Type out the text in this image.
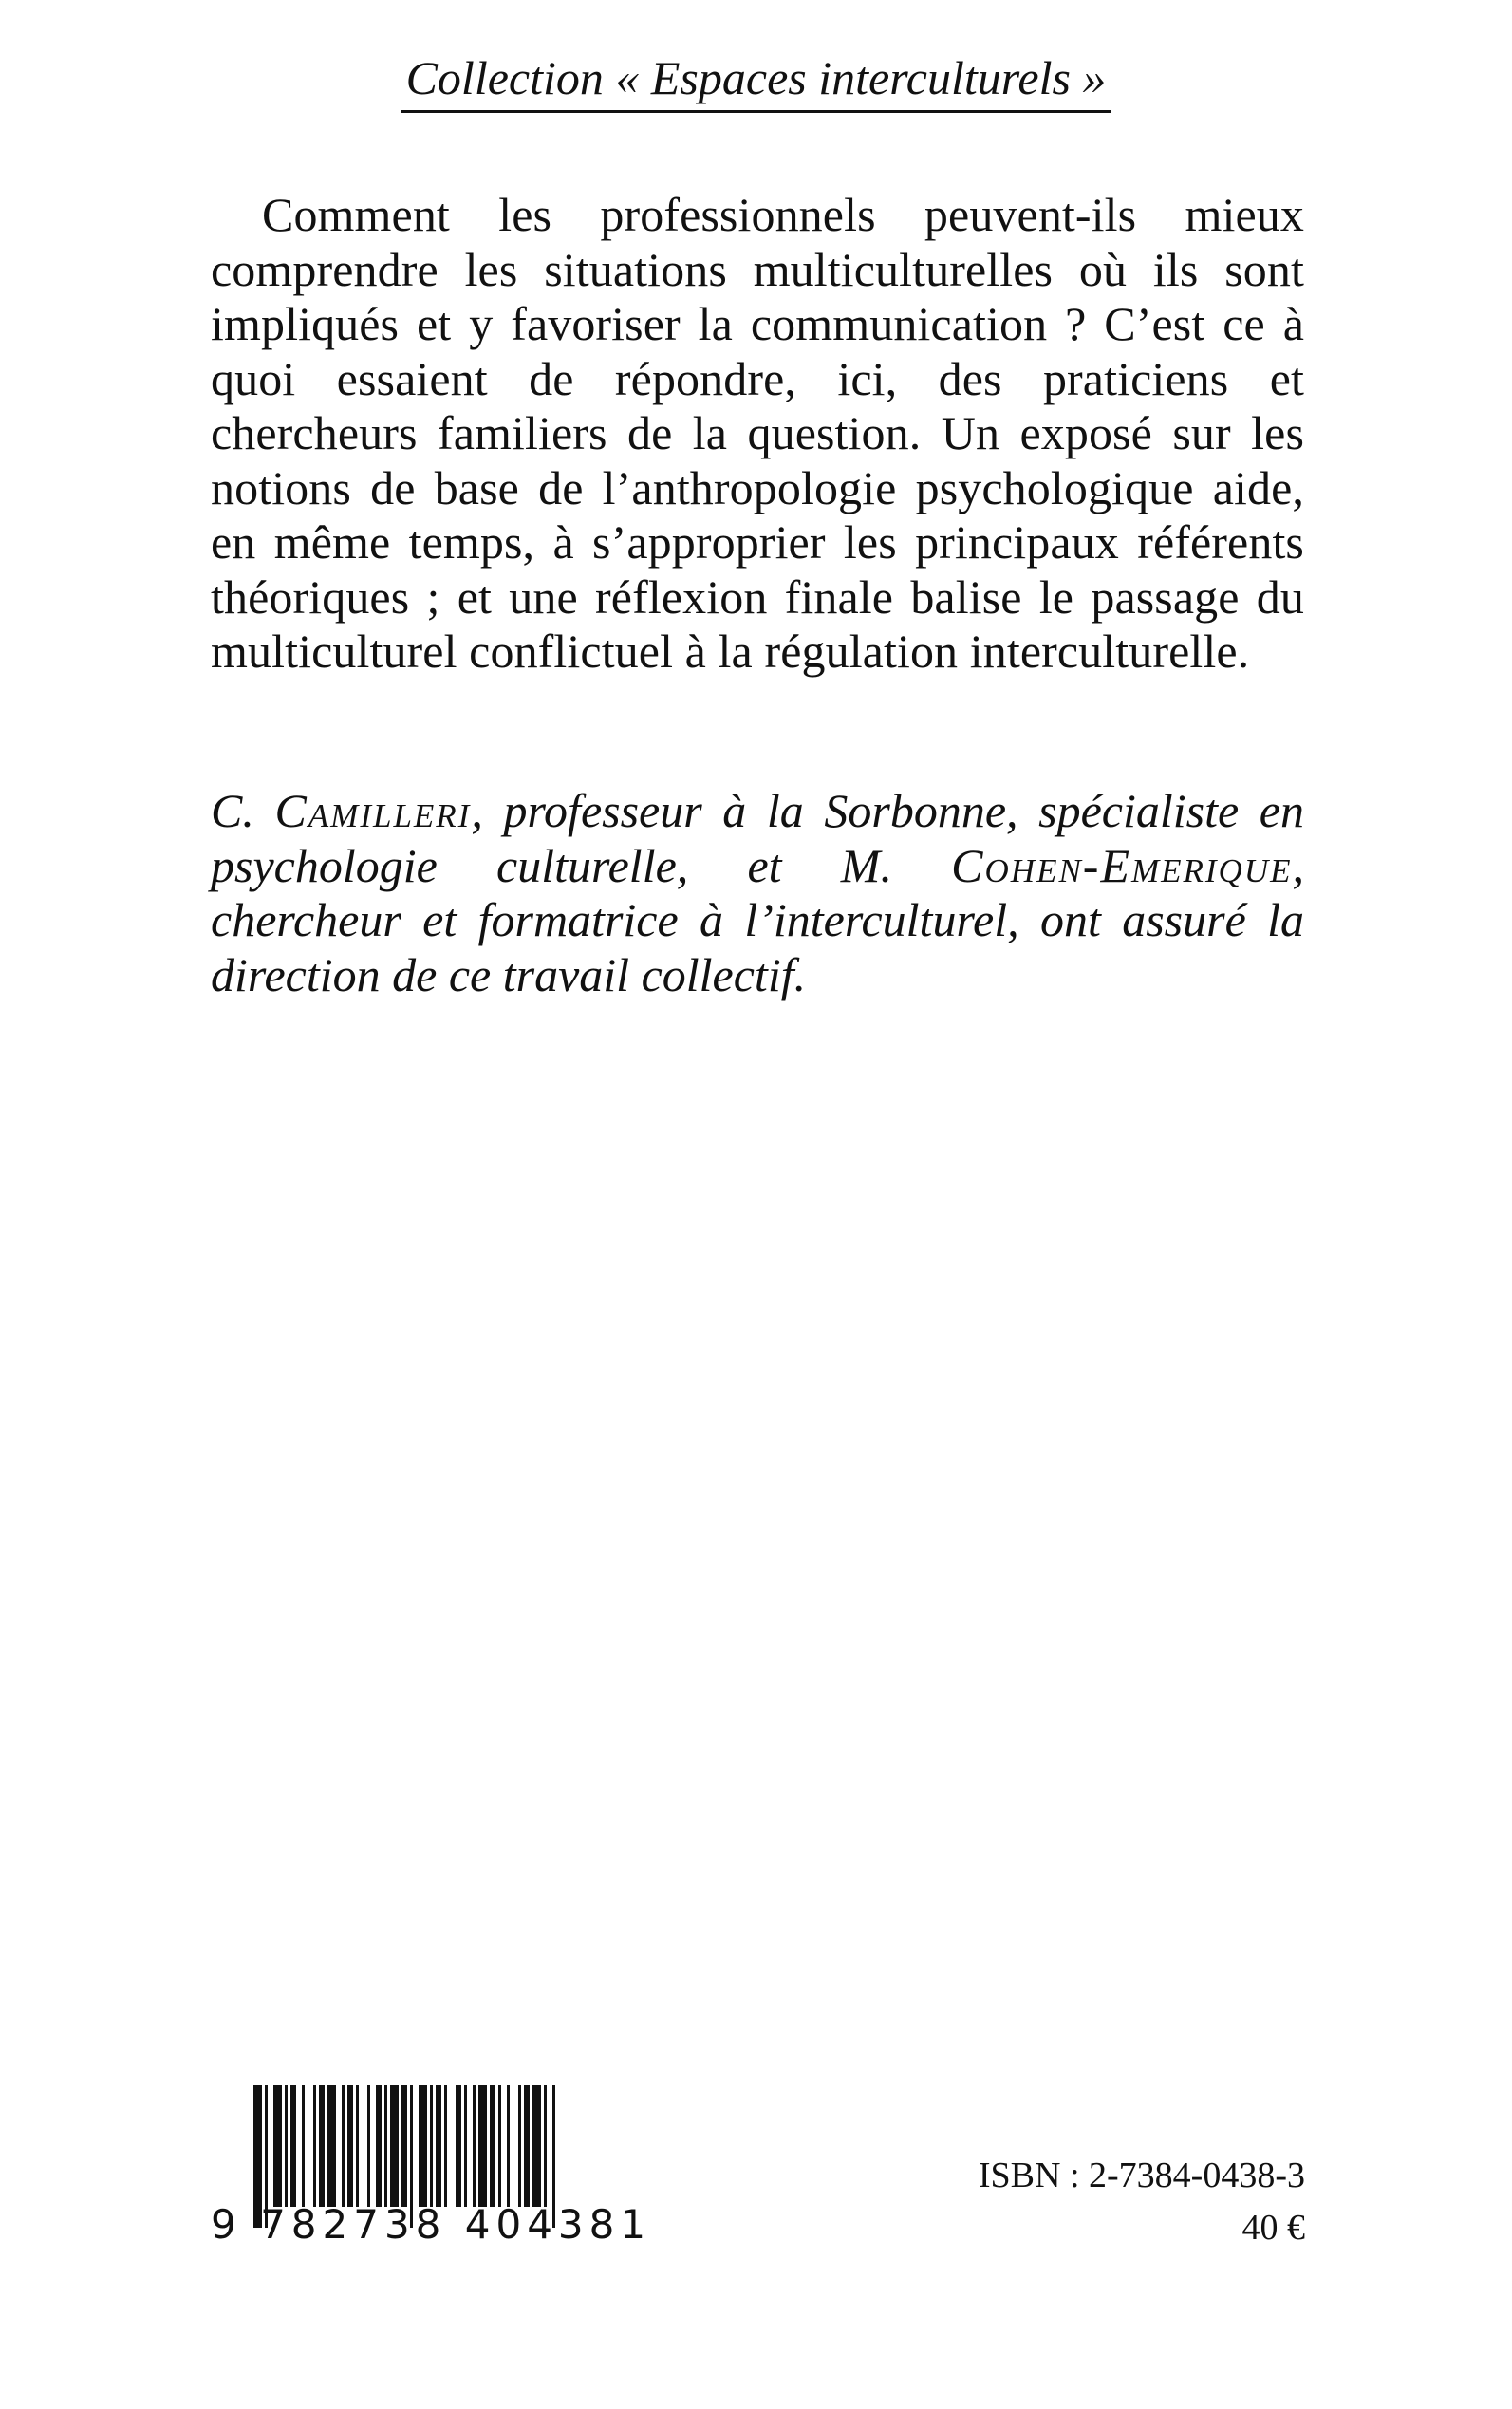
Collection « Espaces interculturels »

Comment les professionnels peuvent-ils mieux comprendre les situations multiculturelles où ils sont impliqués et y favoriser la communication ? C’est ce à quoi essaient de répondre, ici, des praticiens et chercheurs familiers de la question. Un exposé sur les notions de base de l’anthropologie psychologique aide, en même temps, à s’approprier les principaux référents théoriques ; et une réflexion finale balise le passage du multiculturel conflictuel à la régulation interculturelle.

C. Camilleri, professeur à la Sorbonne, spécialiste en psychologie culturelle, et M. Cohen-Emerique, chercheur et formatrice à l’interculturel, ont assuré la direction de ce travail collectif.

9 782738 404381
ISBN : 2-7384-0438-3
40 €
